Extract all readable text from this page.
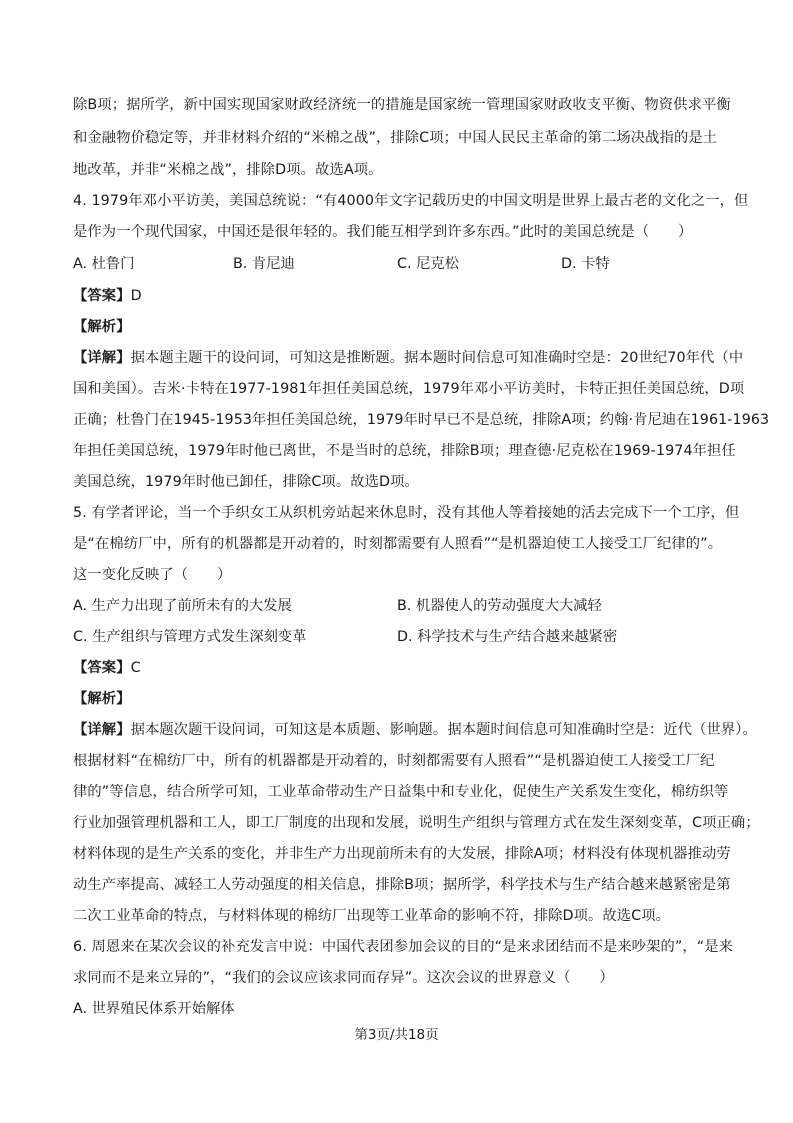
除B项；据所学，新中国实现国家财政经济统一的措施是国家统一管理国家财政收支平衡、物资供求平衡
和金融物价稳定等，并非材料介绍的“米棉之战”，排除C项；中国人民民主革命的第二场决战指的是土
地改革，并非“米棉之战”，排除D项。故选A项。
4. 1979年邓小平访美，美国总统说：“有4000年文字记载历史的中国文明是世界上最古老的文化之一，但
是作为一个现代国家，中国还是很年轻的。我们能互相学到许多东西。”此时的美国总统是（　　）
A. 杜鲁门	B. 肯尼迪	C. 尼克松	D. 卡特
【答案】D
【解析】
【详解】据本题主题干的设问词，可知这是推断题。据本题时间信息可知准确时空是：20世纪70年代（中
国和美国）。吉米·卡特在1977-1981年担任美国总统，1979年邓小平访美时，卡特正担任美国总统，D项
正确；杜鲁门在1945-1953年担任美国总统，1979年时早已不是总统，排除A项；约翰·肯尼迪在1961-1963
年担任美国总统，1979年时他已离世，不是当时的总统，排除B项；理查德·尼克松在1969-1974年担任
美国总统，1979年时他已卸任，排除C项。故选D项。
5. 有学者评论，当一个手织女工从织机旁站起来休息时，没有其他人等着接她的活去完成下一个工序，但
是“在棉纺厂中，所有的机器都是开动着的，时刻都需要有人照看”“是机器迫使工人接受工厂纪律的”。
这一变化反映了（　　）
A. 生产力出现了前所未有的大发展	B. 机器使人的劳动强度大大减轻
C. 生产组织与管理方式发生深刻变革	D. 科学技术与生产结合越来越紧密
【答案】C
【解析】
【详解】据本题次题干设问词，可知这是本质题、影响题。据本题时间信息可知准确时空是：近代（世界）。
根据材料“在棉纺厂中，所有的机器都是开动着的，时刻都需要有人照看”“是机器迫使工人接受工厂纪
律的”等信息，结合所学可知，工业革命带动生产日益集中和专业化，促使生产关系发生变化，棉纺织等
行业加强管理机器和工人，即工厂制度的出现和发展，说明生产组织与管理方式在发生深刻变革，C项正确；
材料体现的是生产关系的变化，并非生产力出现前所未有的大发展，排除A项；材料没有体现机器推动劳
动生产率提高、减轻工人劳动强度的相关信息，排除B项；据所学，科学技术与生产结合越来越紧密是第
二次工业革命的特点，与材料体现的棉纺厂出现等工业革命的影响不符，排除D项。故选C项。
6. 周恩来在某次会议的补充发言中说：中国代表团参加会议的目的“是来求团结而不是来吵架的”，“是来
求同而不是来立异的”，“我们的会议应该求同而存异”。这次会议的世界意义（　　）
A. 世界殖民体系开始解体
第3页/共18页
